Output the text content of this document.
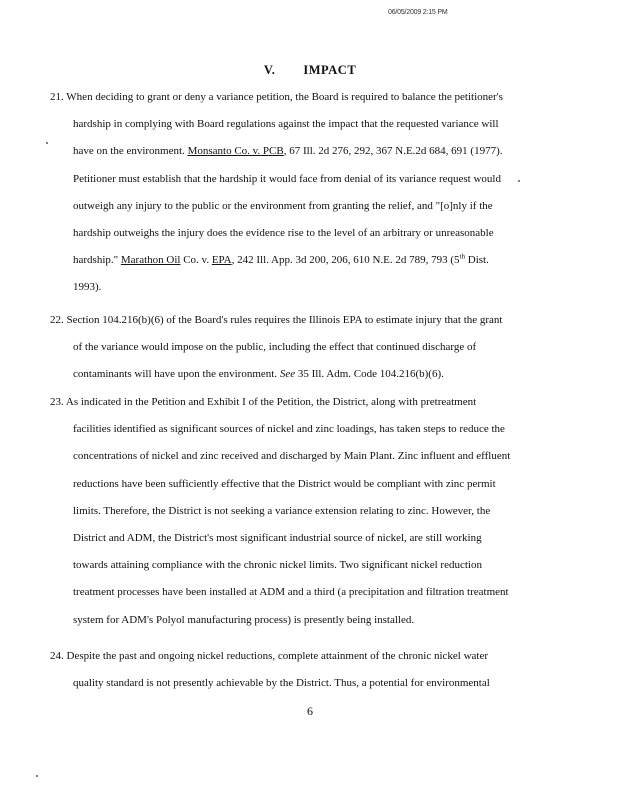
06/05/2009 2:15 PM
V. IMPACT
21. When deciding to grant or deny a variance petition, the Board is required to balance the petitioner's
hardship in complying with Board regulations against the impact that the requested variance will
have on the environment. Monsanto Co. v. PCB, 67 Ill. 2d 276, 292, 367 N.E.2d 684, 691 (1977).
Petitioner must establish that the hardship it would face from denial of its variance request would
outweigh any injury to the public or the environment from granting the relief, and "[o]nly if the
hardship outweighs the injury does the evidence rise to the level of an arbitrary or unreasonable
hardship." Marathon Oil Co. v. EPA, 242 Ill. App. 3d 200, 206, 610 N.E. 2d 789, 793 (5th Dist.
1993).
22. Section 104.216(b)(6) of the Board's rules requires the Illinois EPA to estimate injury that the grant
of the variance would impose on the public, including the effect that continued discharge of
contaminants will have upon the environment. See 35 Ill. Adm. Code 104.216(b)(6).
23. As indicated in the Petition and Exhibit I of the Petition, the District, along with pretreatment
facilities identified as significant sources of nickel and zinc loadings, has taken steps to reduce the
concentrations of nickel and zinc received and discharged by Main Plant. Zinc influent and effluent
reductions have been sufficiently effective that the District would be compliant with zinc permit
limits. Therefore, the District is not seeking a variance extension relating to zinc. However, the
District and ADM, the District's most significant industrial source of nickel, are still working
towards attaining compliance with the chronic nickel limits. Two significant nickel reduction
treatment processes have been installed at ADM and a third (a precipitation and filtration treatment
system for ADM's Polyol manufacturing process) is presently being installed.
24. Despite the past and ongoing nickel reductions, complete attainment of the chronic nickel water
quality standard is not presently achievable by the District. Thus, a potential for environmental
6
